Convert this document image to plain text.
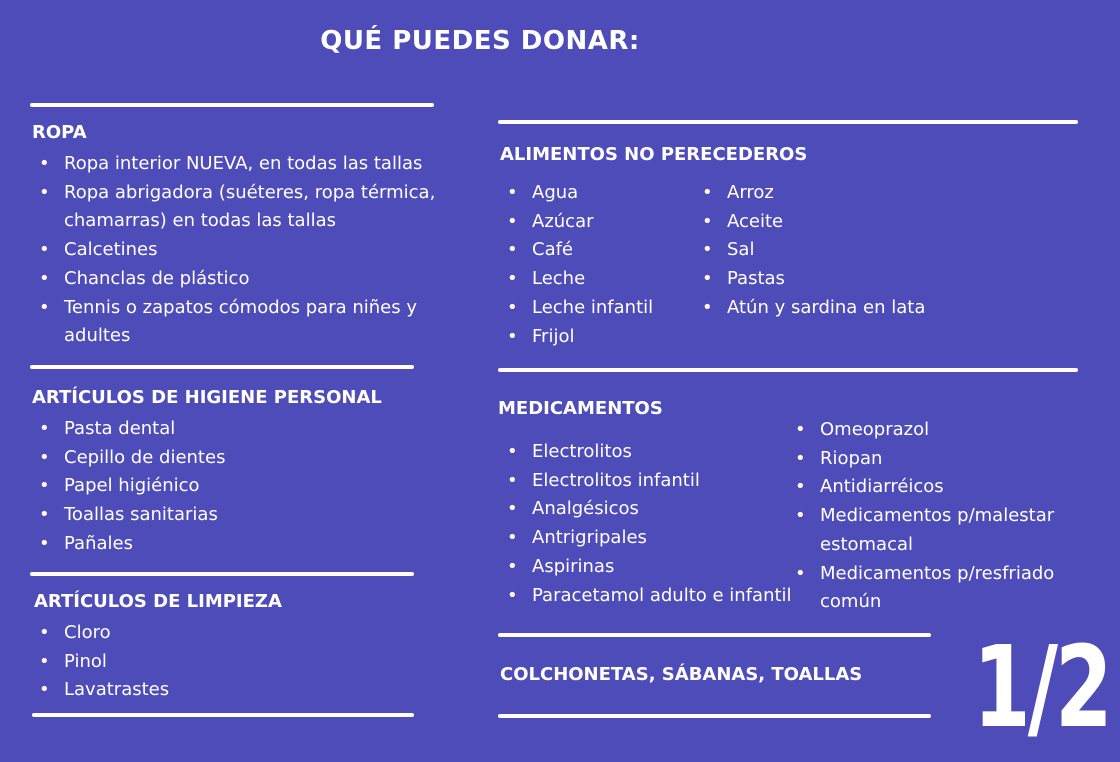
QUÉ PUEDES DONAR:
ROPA
• Ropa interior NUEVA, en todas las tallas
• Ropa abrigadora (suéteres, ropa térmica,
chamarras) en todas las tallas
• Calcetines
• Chanclas de plástico
• Tennis o zapatos cómodos para niñes y
adultes
ARTÍCULOS DE HIGIENE PERSONAL
• Pasta dental
• Cepillo de dientes
• Papel higiénico
• Toallas sanitarias
• Pañales
ARTÍCULOS DE LIMPIEZA
• Cloro
• Pinol
• Lavatrastes
ALIMENTOS NO PERECEDEROS
• Agua
• Azúcar
• Café
• Leche
• Leche infantil
• Frijol
• Arroz
• Aceite
• Sal
• Pastas
• Atún y sardina en lata
MEDICAMENTOS
• Electrolitos
• Electrolitos infantil
• Analgésicos
• Antrigripales
• Aspirinas
• Paracetamol adulto e infantil
• Omeoprazol
• Riopan
• Antidiarréicos
• Medicamentos p/malestar
estomacal
• Medicamentos p/resfriado
común
COLCHONETAS, SÁBANAS, TOALLAS 1/2
